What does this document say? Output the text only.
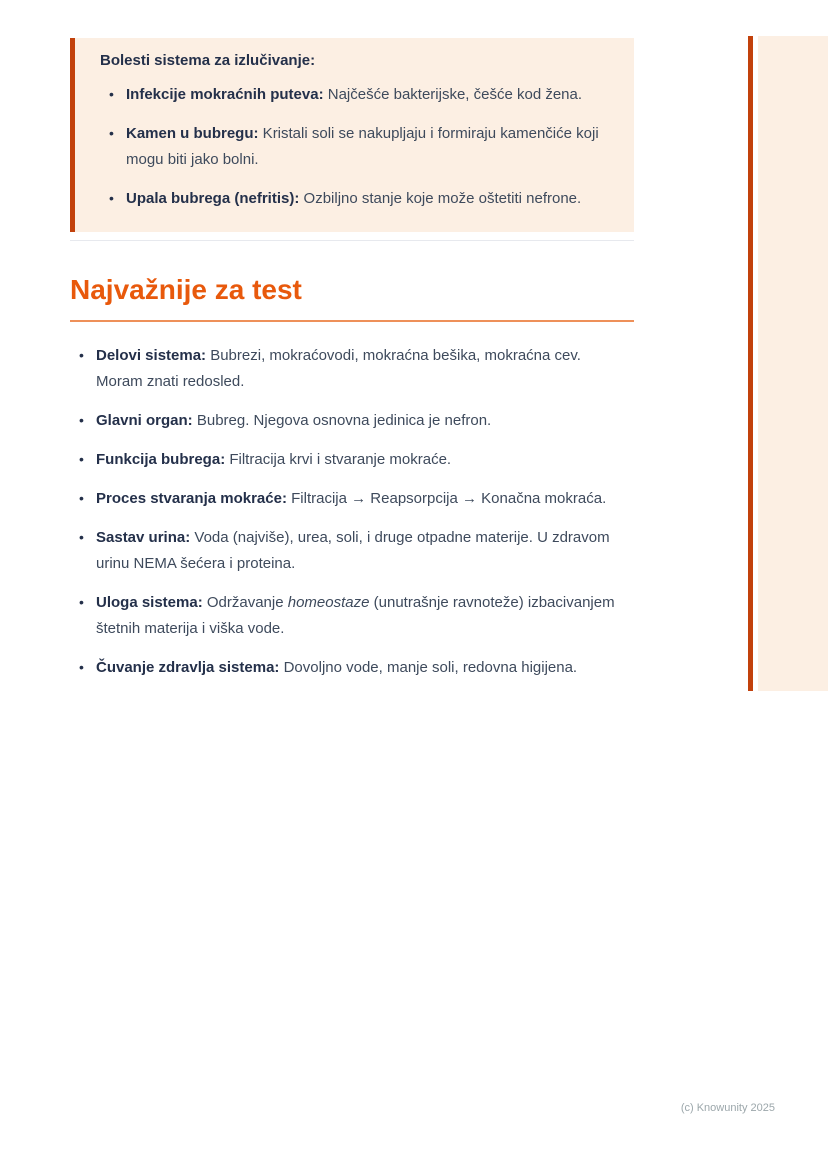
Bolesti sistema za izlučivanje:
• Infekcije mokraćnih puteva: Najčešće bakterijske, češće kod žena.
• Kamen u bubregu: Kristali soli se nakupljaju i formiraju kamenčiće koji mogu biti jako bolni.
• Upala bubrega (nefritis): Ozbiljno stanje koje može oštetiti nefrone.
Najvažnije za test
• Delovi sistema: Bubrezi, mokraćovodi, mokraćna bešika, mokraćna cev. Moram znati redosled.
• Glavni organ: Bubreg. Njegova osnovna jedinica je nefron.
• Funkcija bubrega: Filtracija krvi i stvaranje mokraće.
• Proces stvaranja mokraće: Filtracija → Reapsorpcija → Konačna mokraća.
• Sastav urina: Voda (najviše), urea, soli, i druge otpadne materije. U zdravom urinu NEMA šećera i proteina.
• Uloga sistema: Održavanje homeostaze (unutrašnje ravnoteže) izbacivanjem štetnih materija i viška vode.
• Čuvanje zdravlja sistema: Dovoljno vode, manje soli, redovna higijena.
(c) Knowunity 2025
